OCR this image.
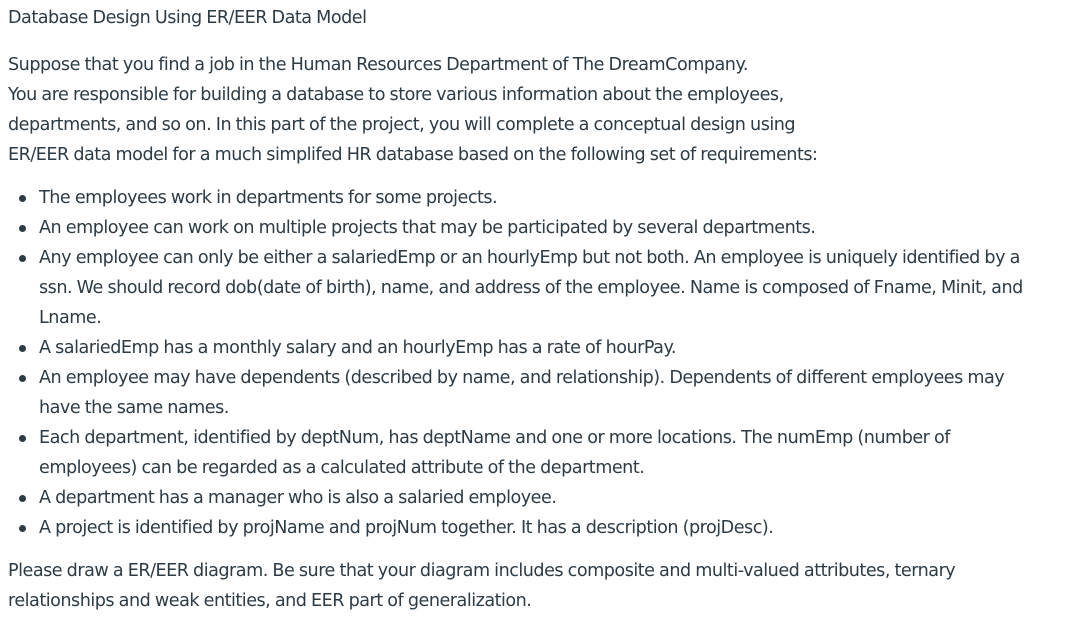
Database Design Using ER/EER Data Model

Suppose that you find a job in the Human Resources Department of The DreamCompany.
You are responsible for building a database to store various information about the employees,
departments, and so on. In this part of the project, you will complete a conceptual design using
ER/EER data model for a much simplifed HR database based on the following set of requirements:

The employees work in departments for some projects.
An employee can work on multiple projects that may be participated by several departments.
Any employee can only be either a salariedEmp or an hourlyEmp but not both. An employee is uniquely identified by a
ssn. We should record dob(date of birth), name, and address of the employee. Name is composed of Fname, Minit, and
Lname.
A salariedEmp has a monthly salary and an hourlyEmp has a rate of hourPay.
An employee may have dependents (described by name, and relationship). Dependents of different employees may
have the same names.
Each department, identified by deptNum, has deptName and one or more locations. The numEmp (number of
employees) can be regarded as a calculated attribute of the department.
A department has a manager who is also a salaried employee.
A project is identified by projName and projNum together. It has a description (projDesc).

Please draw a ER/EER diagram. Be sure that your diagram includes composite and multi-valued attributes, ternary
relationships and weak entities, and EER part of generalization.
